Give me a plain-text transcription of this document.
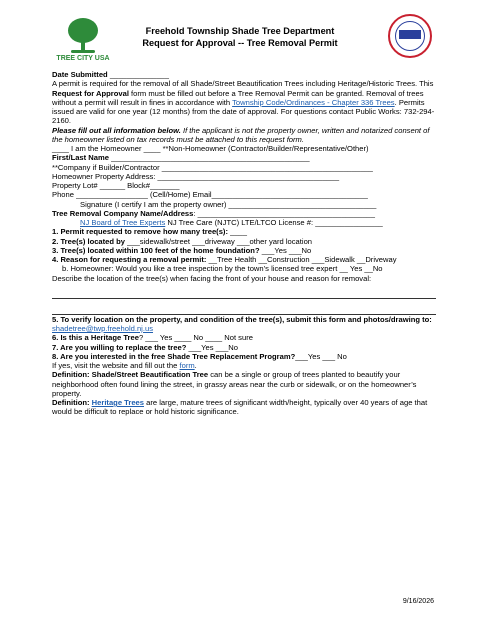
TREE CITY USA
Freehold Township Shade Tree Department
Request for Approval -- Tree Removal Permit

Date Submitted ______________

A permit is required for the removal of all Shade/Street Beautification Trees including Heritage/Historic Trees. This Request for Approval form must be filled out before a Tree Removal Permit can be granted. Removal of trees without a permit will result in fines in accordance with Township Code/Ordinances - Chapter 336 Trees. Permits issued are valid for one year (12 months) from the date of approval. For questions contact Public Works: 732-294-2160.

Please fill out all information below. If the applicant is not the property owner, written and notarized consent of the homeowner listed on tax records must be attached to this request form.

____ I am the Homeowner ____ **Non-Homeowner (Contractor/Builder/Representative/Other)

First/Last Name _______________________________________________

**Company if Builder/Contractor __________________________________________________

Homeowner Property Address: ___________________________________________

Property Lot# ______ Block#_______

Phone _________________ (Cell/Home) Email_____________________________________

Signature (I certify I am the property owner) ___________________________________

Tree Removal Company Name/Address: __________________________________________

NJ Board of Tree Experts NJ Tree Care (NJTC) LTE/LTCO License #: ________________

1. Permit requested to remove how many tree(s): ____

2. Tree(s) located by ___sidewalk/street ___driveway ___other yard location

3. Tree(s) located within 100 feet of the home foundation? ___Yes ___No

4. Reason for requesting a removal permit: __Tree Health __Construction ___Sidewalk __Driveway

b. Homeowner: Would you like a tree inspection by the town’s licensed tree expert __ Yes __No

Describe the location of the tree(s) when facing the front of your house and reason for removal:

5. To verify location on the property, and condition of the tree(s), submit this form and photos/drawing to: shadetree@twp.freehold.nj.us

6. Is this a Heritage Tree? ___ Yes ____ No ____ Not sure

7. Are you willing to replace the tree? ___Yes ___No

8. Are you interested in the free Shade Tree Replacement Program?___Yes ___ No

If yes, visit the website and fill out the form.

Definition: Shade/Street Beautification Tree can be a single or group of trees planted to beautify your neighborhood often found lining the street, in grassy areas near the curb or sidewalk, or on the homeowner’s property.

Definition: Heritage Trees are large, mature trees of significant width/height, typically over 40 years of age that would be difficult to replace or hold historic significance.

9/16/2026
